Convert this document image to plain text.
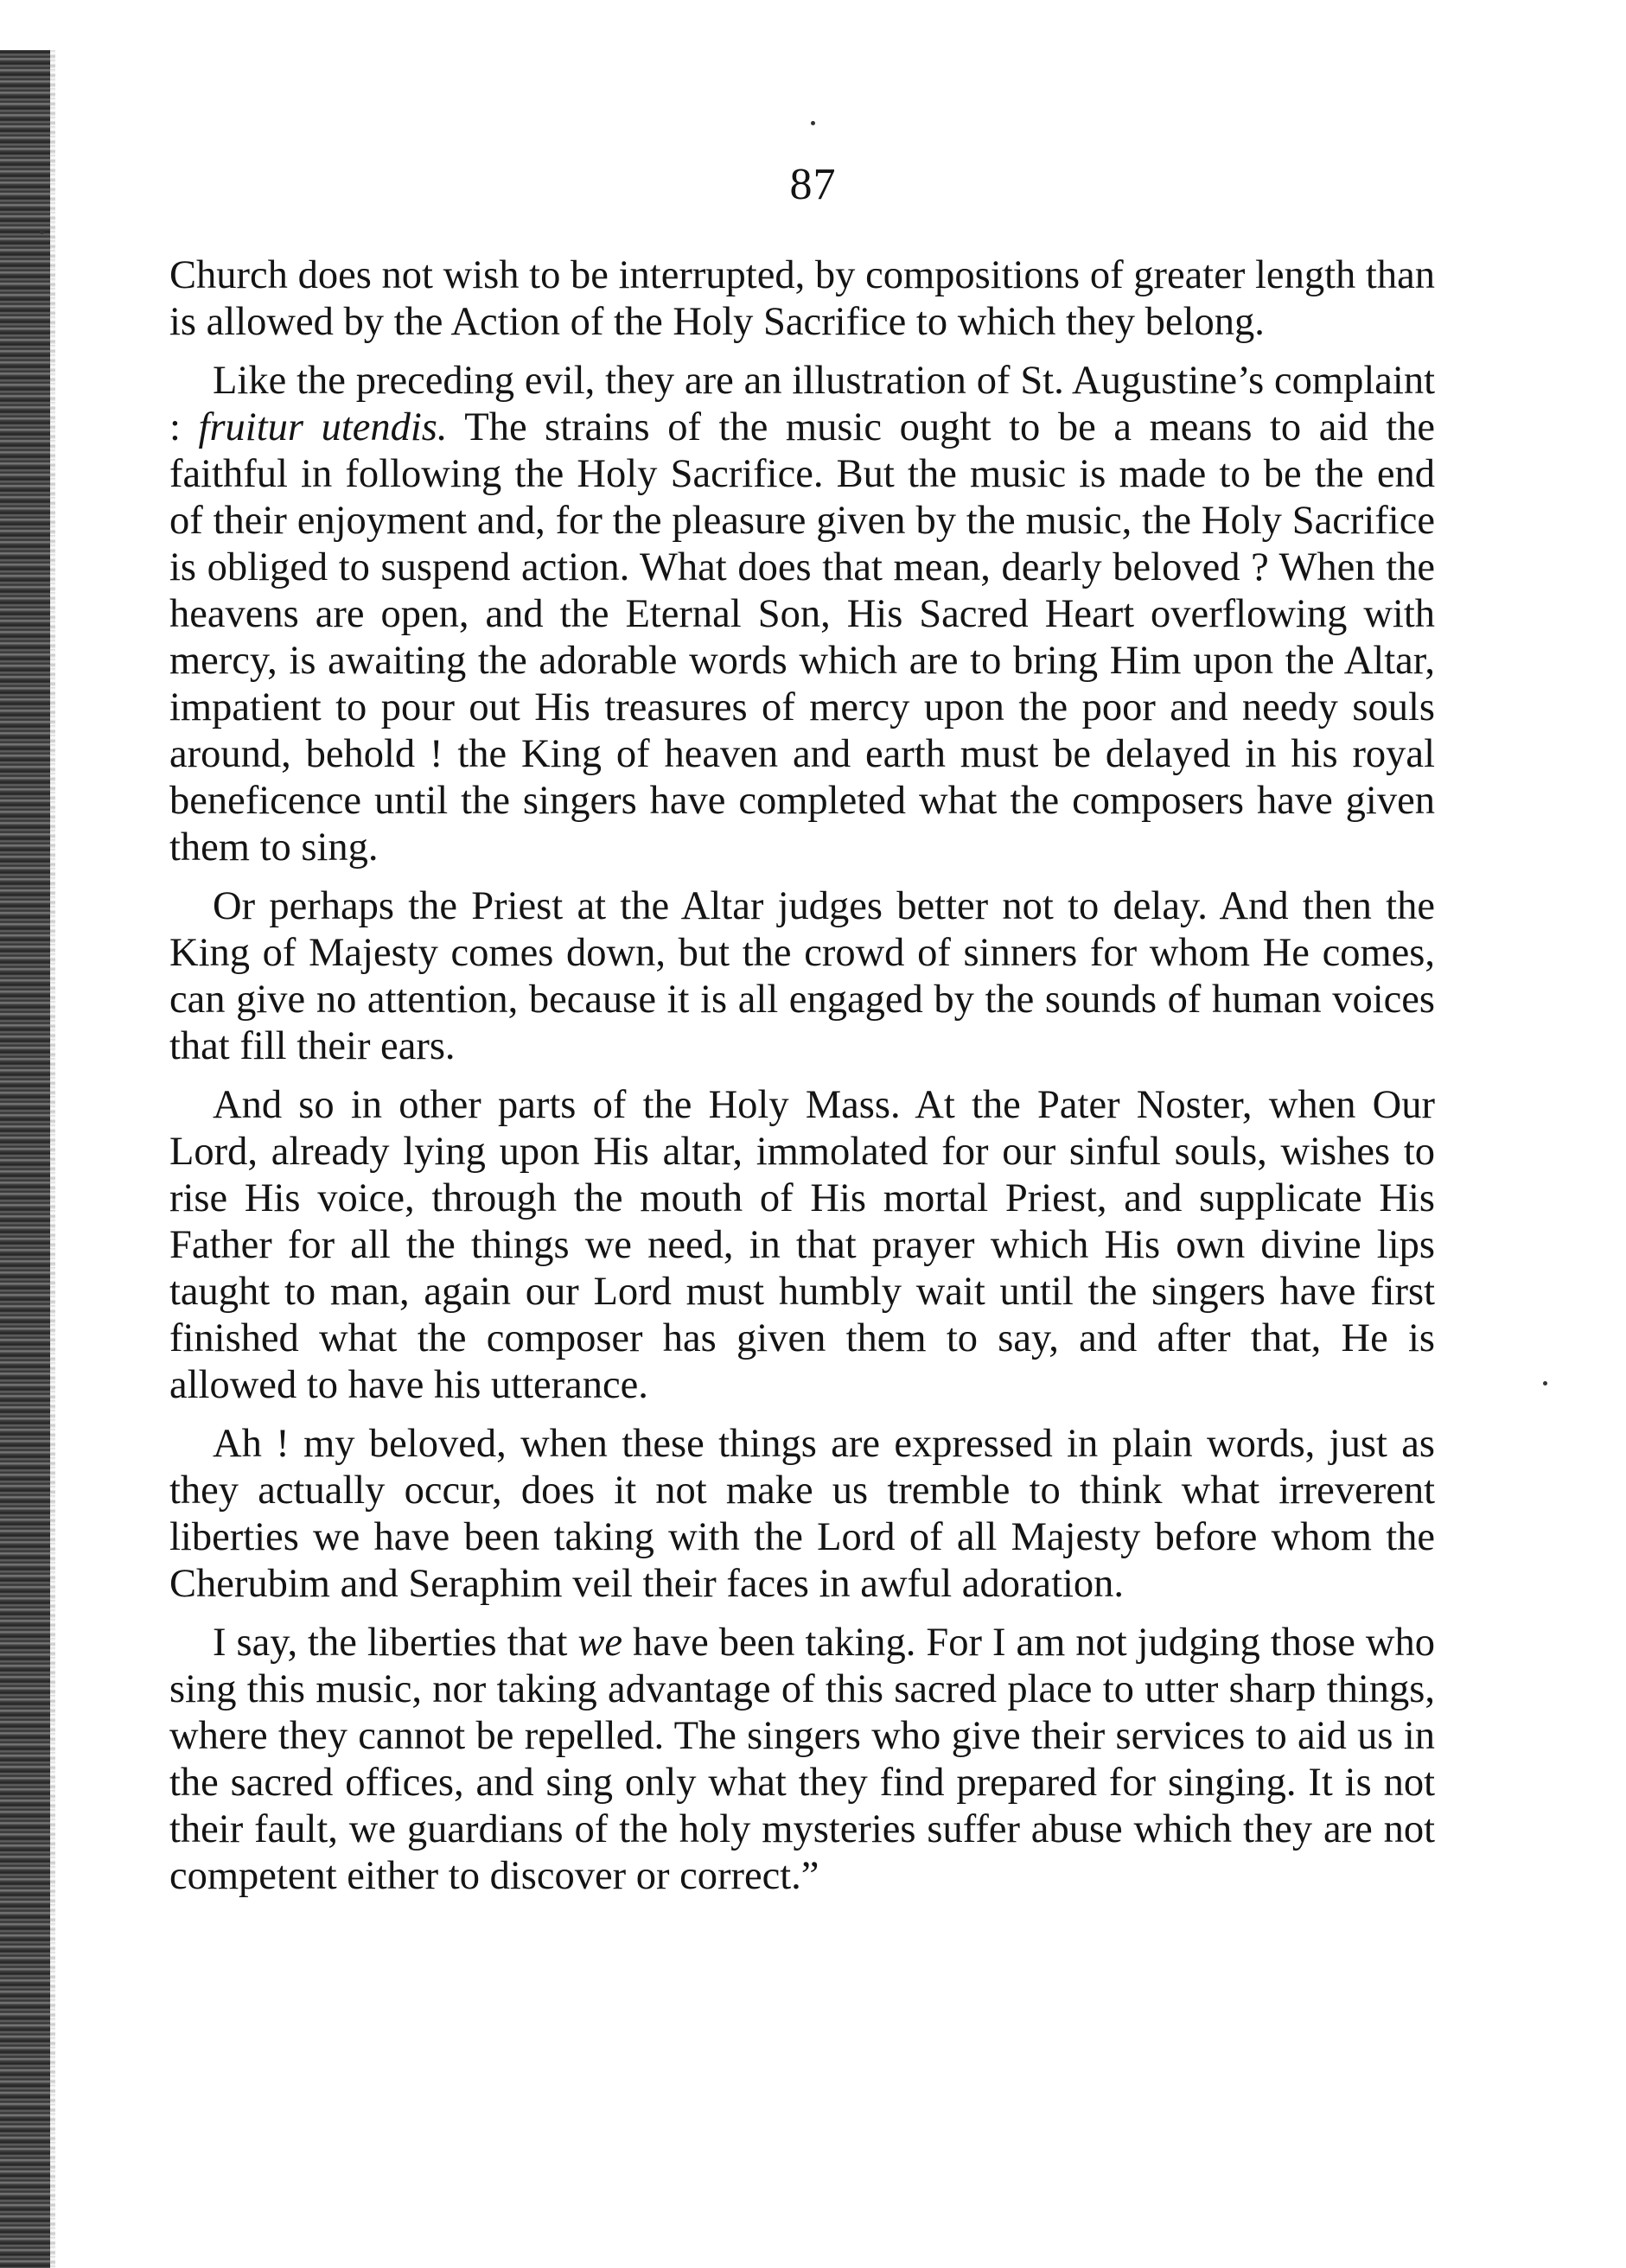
87

Church does not wish to be interrupted, by compositions of greater length than is allowed by the Action of the Holy Sacrifice to which they belong.

Like the preceding evil, they are an illustration of St. Augustine’s complaint : fruitur utendis. The strains of the music ought to be a means to aid the faithful in following the Holy Sacrifice. But the music is made to be the end of their enjoyment and, for the pleasure given by the music, the Holy Sacrifice is obliged to suspend action. What does that mean, dearly beloved ? When the heavens are open, and the Eternal Son, His Sacred Heart overflowing with mercy, is awaiting the adorable words which are to bring Him upon the Altar, impatient to pour out His treasures of mercy upon the poor and needy souls around, behold ! the King of heaven and earth must be delayed in his royal beneficence until the singers have completed what the composers have given them to sing.

Or perhaps the Priest at the Altar judges better not to delay. And then the King of Majesty comes down, but the crowd of sinners for whom He comes, can give no attention, because it is all engaged by the sounds of human voices that fill their ears.

And so in other parts of the Holy Mass. At the Pater Noster, when Our Lord, already lying upon His altar, immolated for our sinful souls, wishes to rise His voice, through the mouth of His mortal Priest, and supplicate His Father for all the things we need, in that prayer which His own divine lips taught to man, again our Lord must humbly wait until the singers have first finished what the composer has given them to say, and after that, He is allowed to have his utterance.

Ah ! my beloved, when these things are expressed in plain words, just as they actually occur, does it not make us tremble to think what irreverent liberties we have been taking with the Lord of all Majesty before whom the Cherubim and Seraphim veil their faces in awful adoration.

I say, the liberties that we have been taking. For I am not judging those who sing this music, nor taking advantage of this sacred place to utter sharp things, where they cannot be repelled. The singers who give their services to aid us in the sacred offices, and sing only what they find prepared for singing. It is not their fault, we guardians of the holy mysteries suffer abuse which they are not competent either to discover or correct.”
